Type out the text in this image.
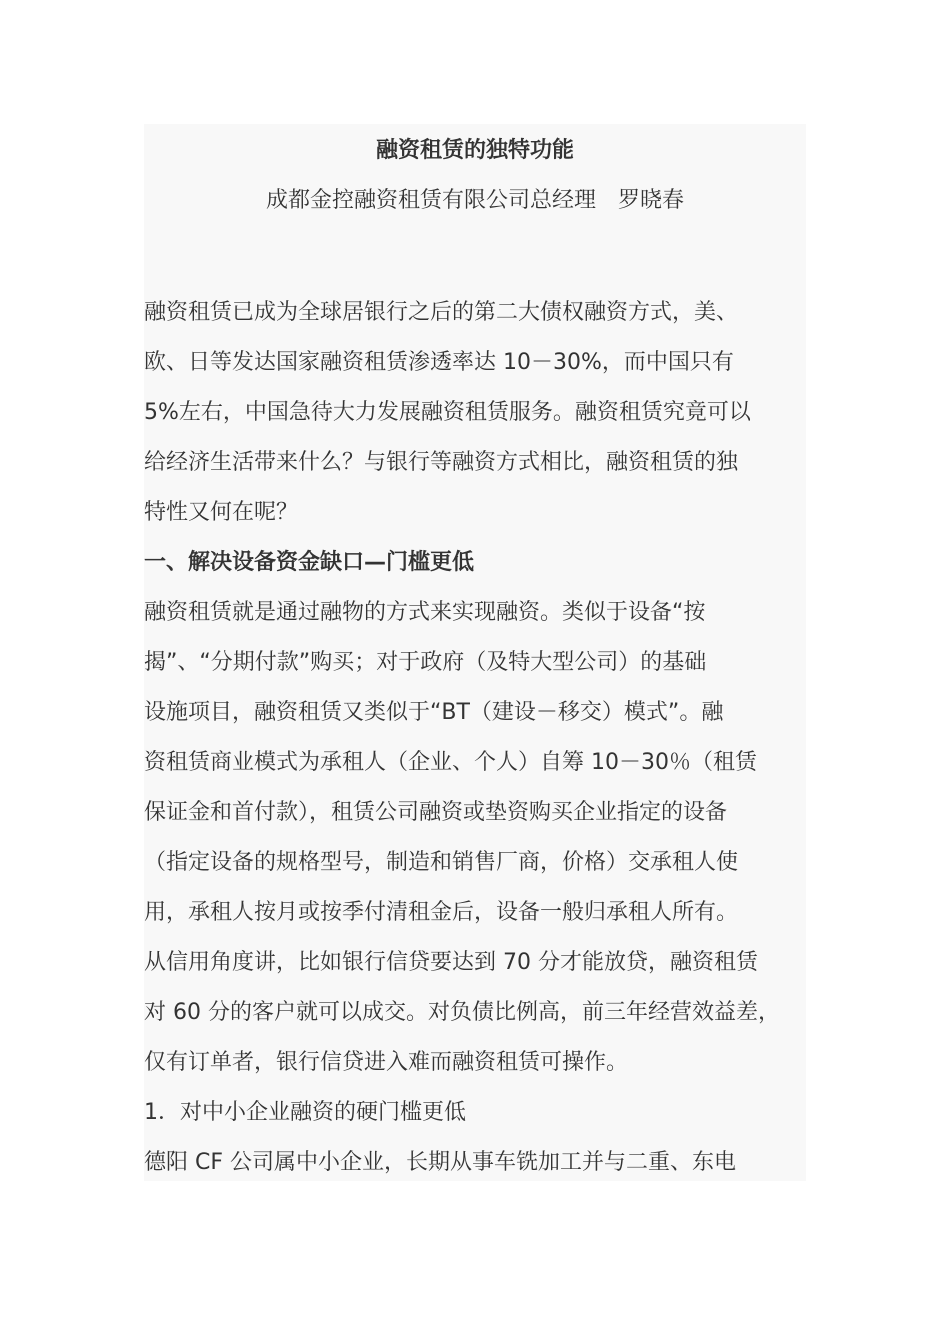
融资租赁的独特功能
成都金控融资租赁有限公司总经理　罗晓春
融资租赁已成为全球居银行之后的第二大债权融资方式，美、
欧、日等发达国家融资租赁渗透率达 10－30%，而中国只有
5%左右，中国急待大力发展融资租赁服务。融资租赁究竟可以
给经济生活带来什么？与银行等融资方式相比，融资租赁的独
特性又何在呢？
一、解决设备资金缺口—门槛更低
融资租赁就是通过融物的方式来实现融资。类似于设备“按
揭”、“分期付款”购买；对于政府（及特大型公司）的基础
设施项目，融资租赁又类似于“BT（建设－移交）模式”。融
资租赁商业模式为承租人（企业、个人）自筹 10－30％（租赁
保证金和首付款），租赁公司融资或垫资购买企业指定的设备
（指定设备的规格型号，制造和销售厂商，价格）交承租人使
用，承租人按月或按季付清租金后，设备一般归承租人所有。
从信用角度讲，比如银行信贷要达到 70 分才能放贷，融资租赁
对 60 分的客户就可以成交。对负债比例高，前三年经营效益差，
仅有订单者，银行信贷进入难而融资租赁可操作。
1．对中小企业融资的硬门槛更低
德阳 CF 公司属中小企业，长期从事车铣加工并与二重、东电
